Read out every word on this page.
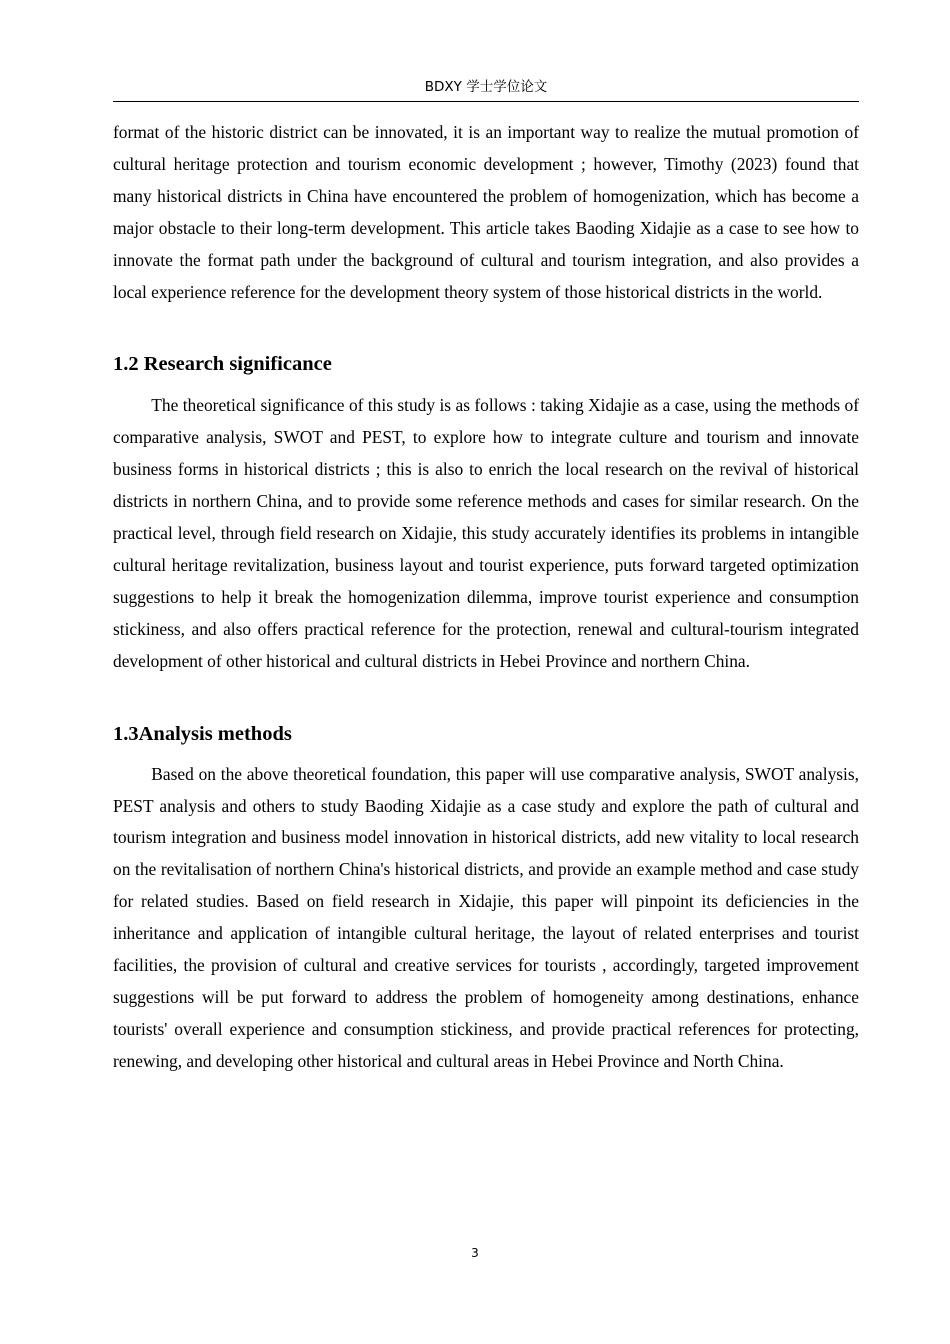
BDXY 学士学位论文

format of the historic district can be innovated, it is an important way to realize the mutual promotion of cultural heritage protection and tourism economic development ; however, Timothy (2023) found that many historical districts in China have encountered the problem of homogenization, which has become a major obstacle to their long-term development. This article takes Baoding Xidajie as a case to see how to innovate the format path under the background of cultural and tourism integration, and also provides a local experience reference for the development theory system of those historical districts in the world.

1.2 Research significance

The theoretical significance of this study is as follows : taking Xidajie as a case, using the methods of comparative analysis, SWOT and PEST, to explore how to integrate culture and tourism and innovate business forms in historical districts ; this is also to enrich the local research on the revival of historical districts in northern China, and to provide some reference methods and cases for similar research. On the practical level, through field research on Xidajie, this study accurately identifies its problems in intangible cultural heritage revitalization, business layout and tourist experience, puts forward targeted optimization suggestions to help it break the homogenization dilemma, improve tourist experience and consumption stickiness, and also offers practical reference for the protection, renewal and cultural-tourism integrated development of other historical and cultural districts in Hebei Province and northern China.

1.3Analysis methods

Based on the above theoretical foundation, this paper will use comparative analysis, SWOT analysis, PEST analysis and others to study Baoding Xidajie as a case study and explore the path of cultural and tourism integration and business model innovation in historical districts, add new vitality to local research on the revitalisation of northern China's historical districts, and provide an example method and case study for related studies. Based on field research in Xidajie, this paper will pinpoint its deficiencies in the inheritance and application of intangible cultural heritage, the layout of related enterprises and tourist facilities, the provision of cultural and creative services for tourists , accordingly, targeted improvement suggestions will be put forward to address the problem of homogeneity among destinations, enhance tourists' overall experience and consumption stickiness, and provide practical references for protecting, renewing, and developing other historical and cultural areas in Hebei Province and North China.

3
